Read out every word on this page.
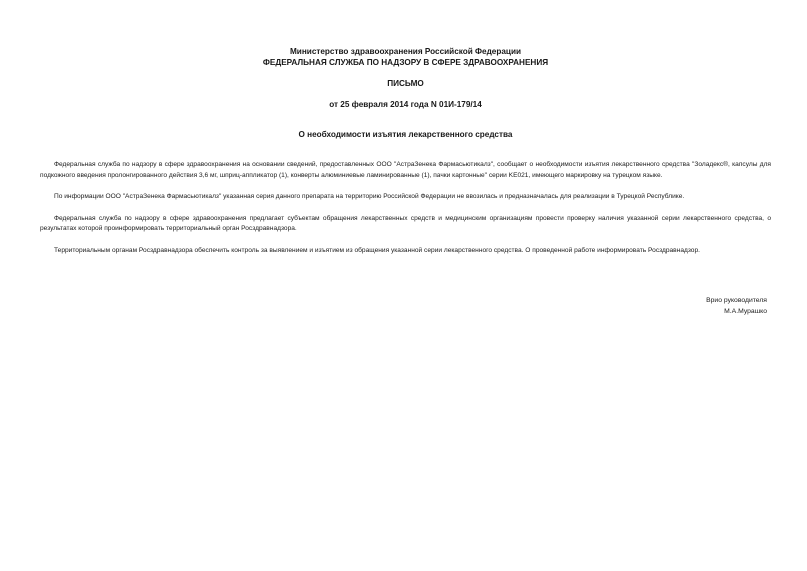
Министерство здравоохранения Российской Федерации
ФЕДЕРАЛЬНАЯ СЛУЖБА ПО НАДЗОРУ В СФЕРЕ ЗДРАВООХРАНЕНИЯ
ПИСЬМО
от 25 февраля 2014 года N 01И-179/14
О необходимости изъятия лекарственного средства

Федеральная служба по надзору в сфере здравоохранения на основании сведений, предоставленных ООО "АстраЗенека Фармасьютикалз", сообщает о необходимости изъятия лекарственного средства "Золадекс®, капсулы для подкожного введения пролонгированного действия 3,6 мг, шприц-аппликатор (1), конверты алюминиевые ламинированные (1), пачки картонные" серии KE021, имеющего маркировку на турецком языке.

По информации ООО "АстраЗенека Фармасьютикалз" указанная серия данного препарата на территорию Российской Федерации не ввозилась и предназначалась для реализации в Турецкой Республике.

Федеральная служба по надзору в сфере здравоохранения предлагает субъектам обращения лекарственных средств и медицинским организациям провести проверку наличия указанной серии лекарственного средства, о результатах которой проинформировать территориальный орган Росздравнадзора.

Территориальным органам Росздравнадзора обеспечить контроль за выявлением и изъятием из обращения указанной серии лекарственного средства. О проведенной работе информировать Росздравнадзор.

Врио руководителя
М.А.Мурашко
